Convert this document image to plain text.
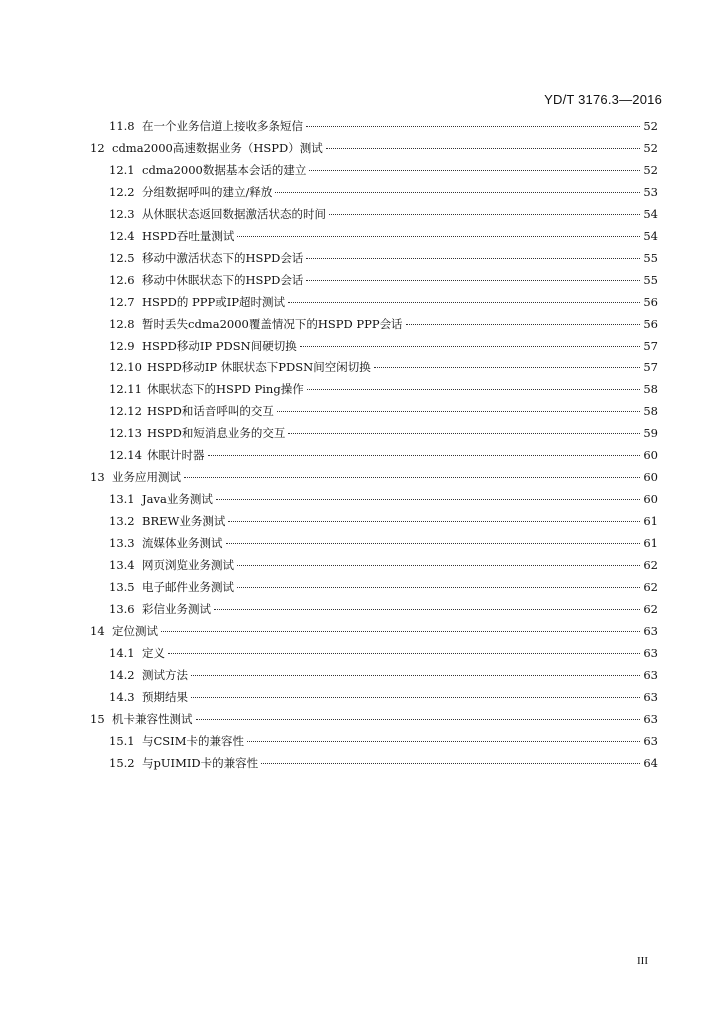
YD/T 3176.3—2016
11.8 在一个业务信道上接收多条短信	52
12 cdma2000高速数据业务（HSPD）测试	52
12.1 cdma2000数据基本会话的建立	52
12.2 分组数据呼叫的建立/释放	53
12.3 从休眠状态返回数据激活状态的时间	54
12.4 HSPD吞吐量测试	54
12.5 移动中激活状态下的HSPD会话	55
12.6 移动中休眠状态下的HSPD会话	55
12.7 HSPD的 PPP或IP超时测试	56
12.8 暂时丢失cdma2000覆盖情况下的HSPD PPP会话	56
12.9 HSPD移动IP PDSN间硬切换	57
12.10 HSPD移动IP 休眠状态下PDSN间空闲切换	57
12.11 休眠状态下的HSPD Ping操作	58
12.12 HSPD和话音呼叫的交互	58
12.13 HSPD和短消息业务的交互	59
12.14 休眠计时器	60
13 业务应用测试	60
13.1 Java业务测试	60
13.2 BREW业务测试	61
13.3 流媒体业务测试	61
13.4 网页浏览业务测试	62
13.5 电子邮件业务测试	62
13.6 彩信业务测试	62
14 定位测试	63
14.1 定义	63
14.2 测试方法	63
14.3 预期结果	63
15 机卡兼容性测试	63
15.1 与CSIM卡的兼容性	63
15.2 与pUIMID卡的兼容性	64
III
